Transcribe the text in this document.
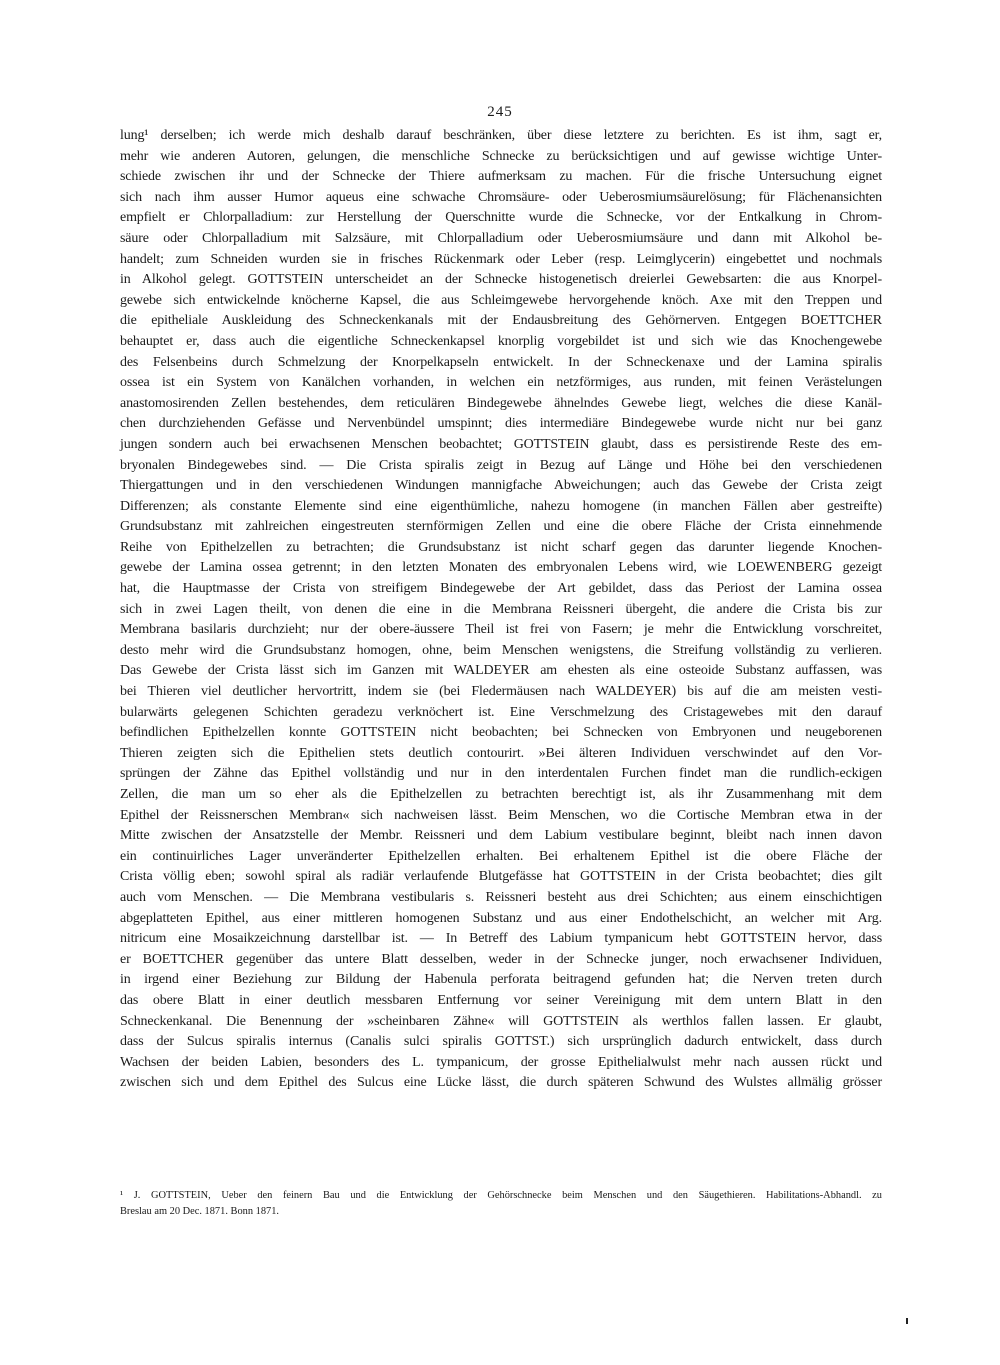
245
lung¹ derselben; ich werde mich deshalb darauf beschränken, über diese letztere zu berichten. Es ist ihm, sagt er,
mehr wie anderen Autoren, gelungen, die menschliche Schnecke zu berücksichtigen und auf gewisse wichtige Unter-
schiede zwischen ihr und der Schnecke der Thiere aufmerksam zu machen. Für die frische Untersuchung eignet
sich nach ihm ausser Humor aqueus eine schwache Chromsäure- oder Ueberosmiumsäurelösung; für Flächenansichten
empfielt er Chlorpalladium: zur Herstellung der Querschnitte wurde die Schnecke, vor der Entkalkung in Chrom-
säure oder Chlorpalladium mit Salzsäure, mit Chlorpalladium oder Ueberosmiumsäure und dann mit Alkohol be-
handelt; zum Schneiden wurden sie in frisches Rückenmark oder Leber (resp. Leimglycerin) eingebettet und nochmals
in Alkohol gelegt. GOTTSTEIN unterscheidet an der Schnecke histogenetisch dreierlei Gewebsarten: die aus Knorpel-
gewebe sich entwickelnde knöcherne Kapsel, die aus Schleimgewebe hervorgehende knöch. Axe mit den Treppen und
die epitheliale Auskleidung des Schneckenkanals mit der Endausbreitung des Gehörnerven. Entgegen BOETTCHER
behauptet er, dass auch die eigentliche Schneckenkapsel knorplig vorgebildet ist und sich wie das Knochengewebe
des Felsenbeins durch Schmelzung der Knorpelkapseln entwickelt. In der Schneckenaxe und der Lamina spiralis
ossea ist ein System von Kanälchen vorhanden, in welchen ein netzförmiges, aus runden, mit feinen Verästelungen
anastomosirenden Zellen bestehendes, dem reticulären Bindegewebe ähnelndes Gewebe liegt, welches die diese Kanäl-
chen durchziehenden Gefässe und Nervenbündel umspinnt; dies intermediäre Bindegewebe wurde nicht nur bei ganz
jungen sondern auch bei erwachsenen Menschen beobachtet; GOTTSTEIN glaubt, dass es persistirende Reste des em-
bryonalen Bindegewebes sind. — Die Crista spiralis zeigt in Bezug auf Länge und Höhe bei den verschiedenen
Thiergattungen und in den verschiedenen Windungen mannigfache Abweichungen; auch das Gewebe der Crista zeigt
Differenzen; als constante Elemente sind eine eigenthümliche, nahezu homogene (in manchen Fällen aber gestreifte)
Grundsubstanz mit zahlreichen eingestreuten sternförmigen Zellen und eine die obere Fläche der Crista einnehmende
Reihe von Epithelzellen zu betrachten; die Grundsubstanz ist nicht scharf gegen das darunter liegende Knochen-
gewebe der Lamina ossea getrennt; in den letzten Monaten des embryonalen Lebens wird, wie LOEWENBERG gezeigt
hat, die Hauptmasse der Crista von streifigem Bindegewebe der Art gebildet, dass das Periost der Lamina ossea
sich in zwei Lagen theilt, von denen die eine in die Membrana Reissneri übergeht, die andere die Crista bis zur
Membrana basilaris durchzieht; nur der obere-äussere Theil ist frei von Fasern; je mehr die Entwicklung vorschreitet,
desto mehr wird die Grundsubstanz homogen, ohne, beim Menschen wenigstens, die Streifung vollständig zu verlieren.
Das Gewebe der Crista lässt sich im Ganzen mit WALDEYER am ehesten als eine osteoide Substanz auffassen, was
bei Thieren viel deutlicher hervortritt, indem sie (bei Fledermäusen nach WALDEYER) bis auf die am meisten vesti-
bularwärts gelegenen Schichten geradezu verknöchert ist. Eine Verschmelzung des Cristagewebes mit den darauf
befindlichen Epithelzellen konnte GOTTSTEIN nicht beobachten; bei Schnecken von Embryonen und neugeborenen
Thieren zeigten sich die Epithelien stets deutlich contourirt. »Bei älteren Individuen verschwindet auf den Vor-
sprüngen der Zähne das Epithel vollständig und nur in den interdentalen Furchen findet man die rundlich-eckigen
Zellen, die man um so eher als die Epithelzellen zu betrachten berechtigt ist, als ihr Zusammenhang mit dem
Epithel der Reissnerschen Membran« sich nachweisen lässt. Beim Menschen, wo die Cortische Membran etwa in der
Mitte zwischen der Ansatzstelle der Membr. Reissneri und dem Labium vestibulare beginnt, bleibt nach innen davon
ein continuirliches Lager unveränderter Epithelzellen erhalten. Bei erhaltenem Epithel ist die obere Fläche der
Crista völlig eben; sowohl spiral als radiär verlaufende Blutgefässe hat GOTTSTEIN in der Crista beobachtet; dies gilt
auch vom Menschen. — Die Membrana vestibularis s. Reissneri besteht aus drei Schichten; aus einem einschichtigen
abgeplatteten Epithel, aus einer mittleren homogenen Substanz und aus einer Endothelschicht, an welcher mit Arg.
nitricum eine Mosaikzeichnung darstellbar ist. — In Betreff des Labium tympanicum hebt GOTTSTEIN hervor, dass
er BOETTCHER gegenüber das untere Blatt desselben, weder in der Schnecke junger, noch erwachsener Individuen,
in irgend einer Beziehung zur Bildung der Habenula perforata beitragend gefunden hat; die Nerven treten durch
das obere Blatt in einer deutlich messbaren Entfernung vor seiner Vereinigung mit dem untern Blatt in den
Schneckenkanal. Die Benennung der »scheinbaren Zähne« will GOTTSTEIN als werthlos fallen lassen. Er glaubt,
dass der Sulcus spiralis internus (Canalis sulci spiralis GOTTST.) sich ursprünglich dadurch entwickelt, dass durch
Wachsen der beiden Labien, besonders des L. tympanicum, der grosse Epithelialwulst mehr nach aussen rückt und
zwischen sich und dem Epithel des Sulcus eine Lücke lässt, die durch späteren Schwund des Wulstes allmälig grösser
¹ J. GOTTSTEIN, Ueber den feinern Bau und die Entwicklung der Gehörschnecke beim Menschen und den Säugethieren. Habilitations-Abhandl. zu
Breslau am 20 Dec. 1871. Bonn 1871.
